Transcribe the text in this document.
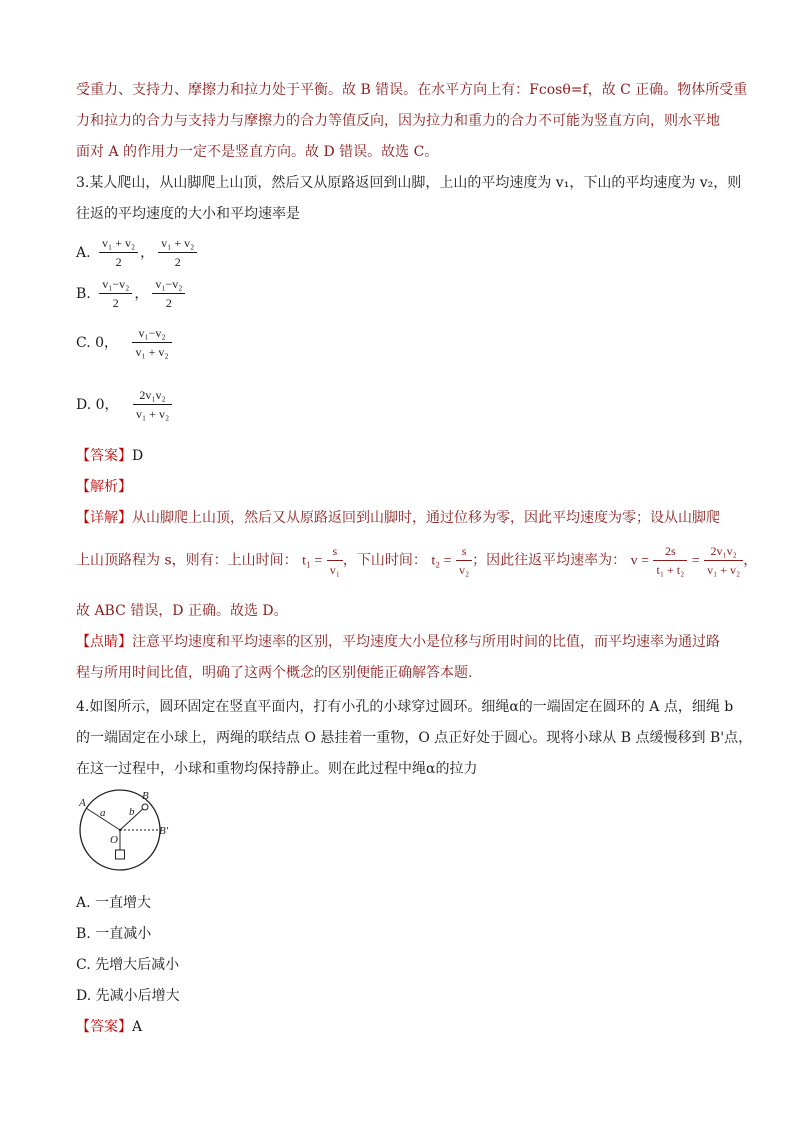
受重力、支持力、摩擦力和拉力处于平衡。故 B 错误。在水平方向上有：Fcosθ=f，故 C 正确。物体所受重
力和拉力的合力与支持力与摩擦力的合力等值反向，因为拉力和重力的合力不可能为竖直方向，则水平地
面对 A 的作用力一定不是竖直方向。故 D 错误。故选 C。
3.某人爬山，从山脚爬上山顶，然后又从原路返回到山脚，上山的平均速度为 v₁，下山的平均速度为 v₂，则
往返的平均速度的大小和平均速率是
A. $\frac{\text{v₁ + v₂}}{2}$ ， $\frac{\text{v₁ + v₂}}{2}$
B. $\frac{\text{v₁−v₂}}{2}$ ， $\frac{\text{v₁−v₂}}{2}$
C. 0， $\frac{\text{v₁−v₂}}{\text{v₁ + v₂}}$
D. 0， $\frac{\text{2v₁v₂}}{\text{v₁ + v₂}}$
【答案】D
【解析】
【详解】从山脚爬上山顶，然后又从原路返回到山脚时，通过位移为零，因此平均速度为零；设从山脚爬
上山顶路程为 s，则有：上山时间： $t_1 = \frac{s}{\text{v₁}}$ ，下山时间： $t_2 = \frac{s}{\text{v₂}}$ ；因此往返平均速率为： $v = \frac{2s}{\text{t₁ + t₂}} = \frac{\text{2v₁v₂}}{\text{v₁ + v₂}}$ ，
故 ABC 错误，D 正确。故选 D。
【点睛】注意平均速度和平均速率的区别，平均速度大小是位移与所用时间的比值，而平均速率为通过路
程与所用时间比值，明确了这两个概念的区别便能正确解答本题.
4.如图所示，圆环固定在竖直平面内，打有小孔的小球穿过圆环。细绳α的一端固定在圆环的 A 点，细绳 b
的一端固定在小球上，两绳的联结点 O 悬挂着一重物，O 点正好处于圆心。现将小球从 B 点缓慢移到 B'点，
在这一过程中，小球和重物均保持静止。则在此过程中绳α的拉力
A
B
B'
O
a b
A. 一直增大
B. 一直减小
C. 先增大后减小
D. 先减小后增大
【答案】A
